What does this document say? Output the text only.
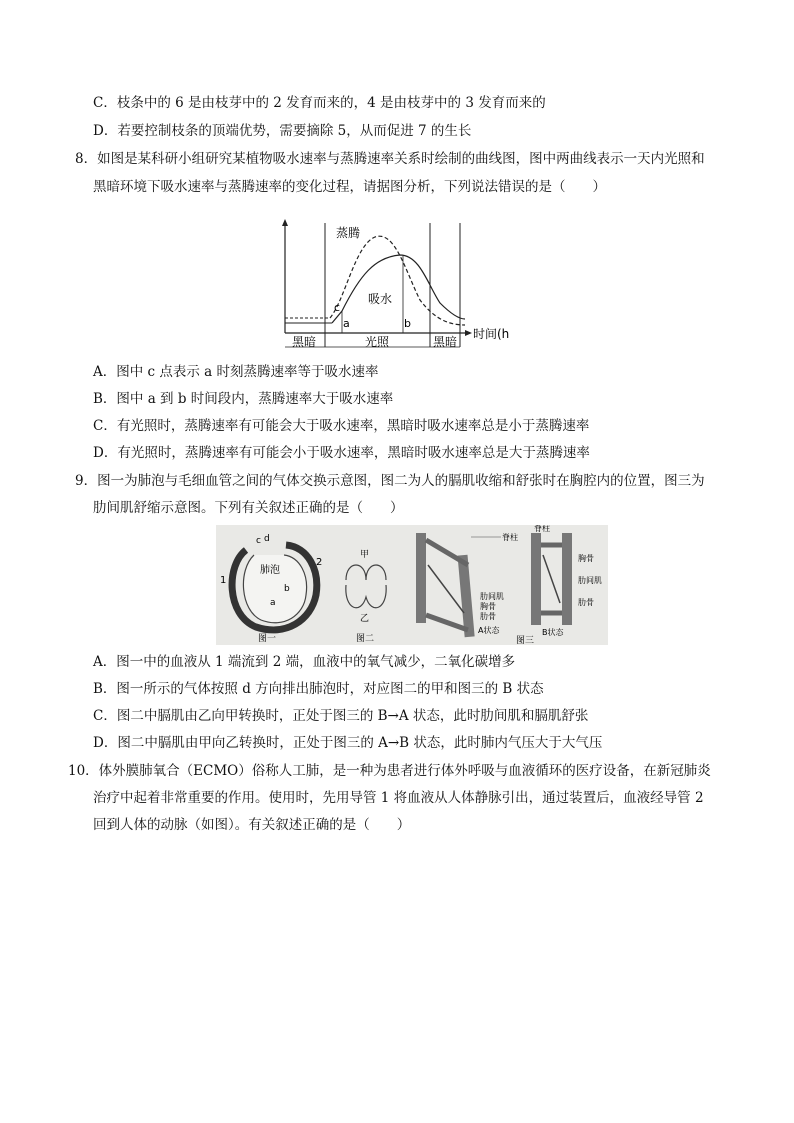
C．枝条中的 6 是由枝芽中的 2 发育而来的，4 是由枝芽中的 3 发育而来的
D．若要控制枝条的顶端优势，需要摘除 5，从而促进 7 的生长
8．如图是某科研小组研究某植物吸水速率与蒸腾速率关系时绘制的曲线图，图中两曲线表示一天内光照和
黑暗环境下吸水速率与蒸腾速率的变化过程，请据图分析，下列说法错误的是（　　）
蒸腾
吸水
c
a	b
黑暗	光照	黑暗
时间(h)
A．图中 c 点表示 a 时刻蒸腾速率等于吸水速率
B．图中 a 到 b 时间段内，蒸腾速率大于吸水速率
C．有光照时，蒸腾速率有可能会大于吸水速率，黑暗时吸水速率总是小于蒸腾速率
D．有光照时，蒸腾速率有可能会小于吸水速率，黑暗时吸水速率总是大于蒸腾速率
9．图一为肺泡与毛细血管之间的气体交换示意图，图二为人的膈肌收缩和舒张时在胸腔内的位置，图三为
肋间肌舒缩示意图。下列有关叙述正确的是（　　）
肺泡
1
2
c d
a
b
图一
甲
乙
图二
脊柱
肋间肌
胸骨
肋骨
A状态
脊柱
胸骨
肋间肌
肋骨
B状态
图三
A．图一中的血液从 1 端流到 2 端，血液中的氧气减少，二氧化碳增多
B．图一所示的气体按照 d 方向排出肺泡时，对应图二的甲和图三的 B 状态
C．图二中膈肌由乙向甲转换时，正处于图三的 B→A 状态，此时肋间肌和膈肌舒张
D．图二中膈肌由甲向乙转换时，正处于图三的 A→B 状态，此时肺内气压大于大气压
10．体外膜肺氧合（ECMO）俗称人工肺，是一种为患者进行体外呼吸与血液循环的医疗设备，在新冠肺炎
治疗中起着非常重要的作用。使用时，先用导管 1 将血液从人体静脉引出，通过装置后，血液经导管 2
回到人体的动脉（如图）。有关叙述正确的是（　　）
